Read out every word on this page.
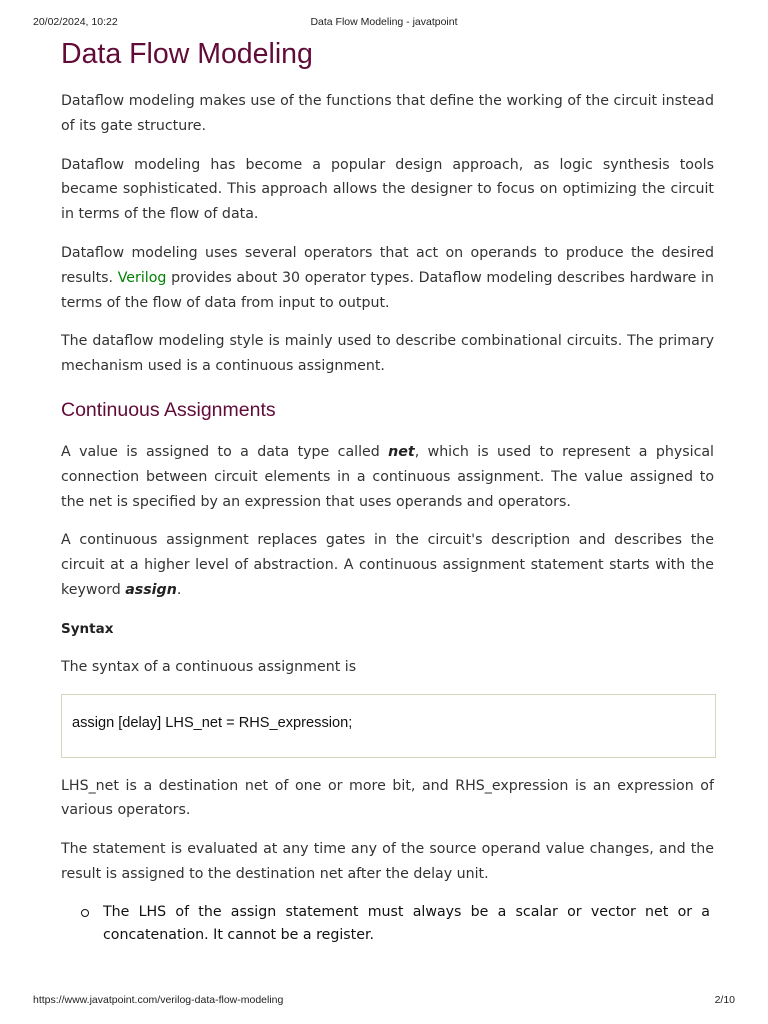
20/02/2024, 10:22	Data Flow Modeling - javatpoint
Data Flow Modeling

Dataflow modeling makes use of the functions that define the working of the circuit instead of its gate structure.

Dataflow modeling has become a popular design approach, as logic synthesis tools became sophisticated. This approach allows the designer to focus on optimizing the circuit in terms of the flow of data.

Dataflow modeling uses several operators that act on operands to produce the desired results. Verilog provides about 30 operator types. Dataflow modeling describes hardware in terms of the flow of data from input to output.

The dataflow modeling style is mainly used to describe combinational circuits. The primary mechanism used is a continuous assignment.

Continuous Assignments

A value is assigned to a data type called net, which is used to represent a physical connection between circuit elements in a continuous assignment. The value assigned to the net is specified by an expression that uses operands and operators.

A continuous assignment replaces gates in the circuit's description and describes the circuit at a higher level of abstraction. A continuous assignment statement starts with the keyword assign.

Syntax

The syntax of a continuous assignment is

assign [delay] LHS_net = RHS_expression;

LHS_net is a destination net of one or more bit, and RHS_expression is an expression of various operators.

The statement is evaluated at any time any of the source operand value changes, and the result is assigned to the destination net after the delay unit.

The LHS of the assign statement must always be a scalar or vector net or a concatenation. It cannot be a register.
https://www.javatpoint.com/verilog-data-flow-modeling	2/10
